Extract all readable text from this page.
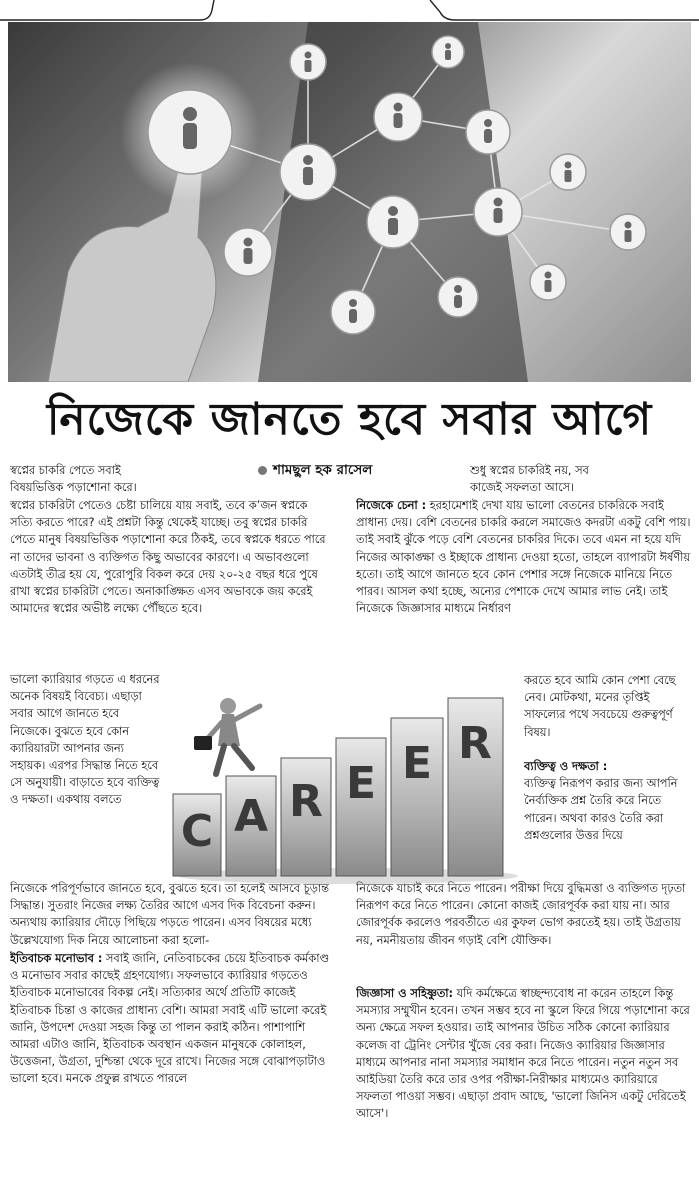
নিজেকে জানতে হবে সবার আগে
শামছুল হক রাসেল

স্বপ্নের চাকরি পেতে সবাই

বিষয়ভিত্তিক পড়াশোনা করে।

স্বপ্নের চাকরিটা পেতেও চেষ্টা চালিয়ে যায় সবাই, তবে ক’জন স্বপ্নকে সত্যি করতে পারে? এই প্রশ্নটা কিন্তু থেকেই যাচ্ছে। তবু স্বপ্নের চাকরি পেতে মানুষ বিষয়ভিত্তিক পড়াশোনা করে ঠিকই, তবে স্বপ্নকে ধরতে পারে না তাদের ভাবনা ও ব্যক্তিগত কিছু অভাবের কারণে। এ অভাবগুলো এতটাই তীব্র হয় যে, পুরোপুরি বিকল করে দেয় ২০-২৫ বছর ধরে পুষে রাখা স্বপ্নের চাকরিটা পেতে। অনাকাঙ্ক্ষিত এসব অভাবকে জয় করেই আমাদের স্বপ্নের অভীষ্ট লক্ষ্যে পৌঁছতে হবে।

ভালো ক্যারিয়ার গড়তে এ ধরনের অনেক বিষয়ই বিবেচ্য। এছাড়া সবার আগে জানতে হবে নিজেকে। বুঝতে হবে কোন ক্যারিয়ারটা আপনার জন্য সহায়ক। এরপর সিদ্ধান্ত নিতে হবে সে অনুযায়ী। বাড়াতে হবে ব্যক্তিত্ব ও দক্ষতা। একথায় বলতে

নিজেকে পরিপূর্ণভাবে জানতে হবে, বুঝতে হবে। তা হলেই আসবে চূড়ান্ত সিদ্ধান্ত। সুতরাং নিজের লক্ষ্য তৈরির আগে এসব দিক বিবেচনা করুন। অন্যথায় ক্যারিয়ার দৌড়ে পিছিয়ে পড়তে পারেন। এসব বিষয়ের মধ্যে উল্লেখযোগ্য দিক নিয়ে আলোচনা করা হলো-

ইতিবাচক মনোভাব : সবাই জানি, নেতিবাচকের চেয়ে ইতিবাচক কর্মকাণ্ড ও মনোভাব সবার কাছেই গ্রহণযোগ্য। সফলভাবে ক্যারিয়ার গড়তেও ইতিবাচক মনোভাবের বিকল্প নেই। সত্যিকার অর্থে প্রতিটি কাজেই ইতিবাচক চিন্তা ও কাজের প্রাধান্য বেশি। আমরা সবাই এটি ভালো করেই জানি, উপদেশ দেওয়া সহজ কিন্তু তা পালন করাই কঠিন। পাশাপাশি আমরা এটাও জানি, ইতিবাচক অবস্থান একজন মানুষকে কোলাহল, উত্তেজনা, উগ্রতা, দুশ্চিন্তা থেকে দূরে রাখে। নিজের সঙ্গে বোঝাপড়াটাও ভালো হবে। মনকে প্রফুল্ল রাখতে পারলে

C A R E E R

শুধু স্বপ্নের চাকরিই নয়, সব

কাজেই সফলতা আসে।

নিজেকে চেনা : হরহামেশাই দেখা যায় ভালো বেতনের চাকরিকে সবাই প্রাধান্য দেয়। বেশি বেতনের চাকরি করলে সমাজেও কদরটা একটু বেশি পায়। তাই সবাই ঝুঁকে পড়ে বেশি বেতনের চাকরির দিকে। তবে এমন না হয়ে যদি নিজের আকাঙ্ক্ষা ও ইচ্ছাকে প্রাধান্য দেওয়া হতো, তাহলে ব্যাপারটা ঈর্ষণীয় হতো। তাই আগে জানতে হবে কোন পেশার সঙ্গে নিজেকে মানিয়ে নিতে পারব। আসল কথা হচ্ছে, অন্যের পেশাকে দেখে আমার লাভ নেই। তাই নিজেকে জিজ্ঞাসার মাধ্যমে নির্ধারণ

করতে হবে আমি কোন পেশা বেছে নেব। মোটকথা, মনের তৃপ্তিই সাফল্যের পথে সবচেয়ে গুরুত্বপূর্ণ বিষয়।

ব্যক্তিত্ব ও দক্ষতা :

ব্যক্তিত্ব নিরূপণ করার জন্য আপনি নৈর্ব্যক্তিক প্রশ্ন তৈরি করে নিতে পারেন। অথবা কারও তৈরি করা প্রশ্নগুলোর উত্তর দিয়ে

নিজেকে যাচাই করে নিতে পারেন। পরীক্ষা দিয়ে বুদ্ধিমত্তা ও ব্যক্তিগত দৃঢ়তা নিরূপণ করে নিতে পারেন। কোনো কাজই জোরপূর্বক করা যায় না। আর জোরপূর্বক করলেও পরবর্তীতে এর কুফল ভোগ করতেই হয়। তাই উগ্রতায় নয়, নমনীয়তায় জীবন গড়াই বেশি যৌক্তিক।

জিজ্ঞাসা ও সহিষ্ণুতা: যদি কর্মক্ষেত্রে স্বাচ্ছন্দ্যবোধ না করেন তাহলে কিন্তু সমস্যার সম্মুখীন হবেন। তখন সম্ভব হবে না স্কুলে ফিরে গিয়ে পড়াশোনা করে অন্য ক্ষেত্রে সফল হওয়ার। তাই আপনার উচিত সঠিক কোনো ক্যারিয়ার কলেজ বা ট্রেনিং সেন্টার খুঁজে বের করা। নিজেও ক্যারিয়ার জিজ্ঞাসার মাধ্যমে আপনার নানা সমস্যার সমাধান করে নিতে পারেন। নতুন নতুন সব আইডিয়া তৈরি করে তার ওপর পরীক্ষা-নিরীক্ষার মাধ্যমেও ক্যারিয়ারে সফলতা পাওয়া সম্ভব। এছাড়া প্রবাদ আছে, 'ভালো জিনিস একটু দেরিতেই আসে'।
